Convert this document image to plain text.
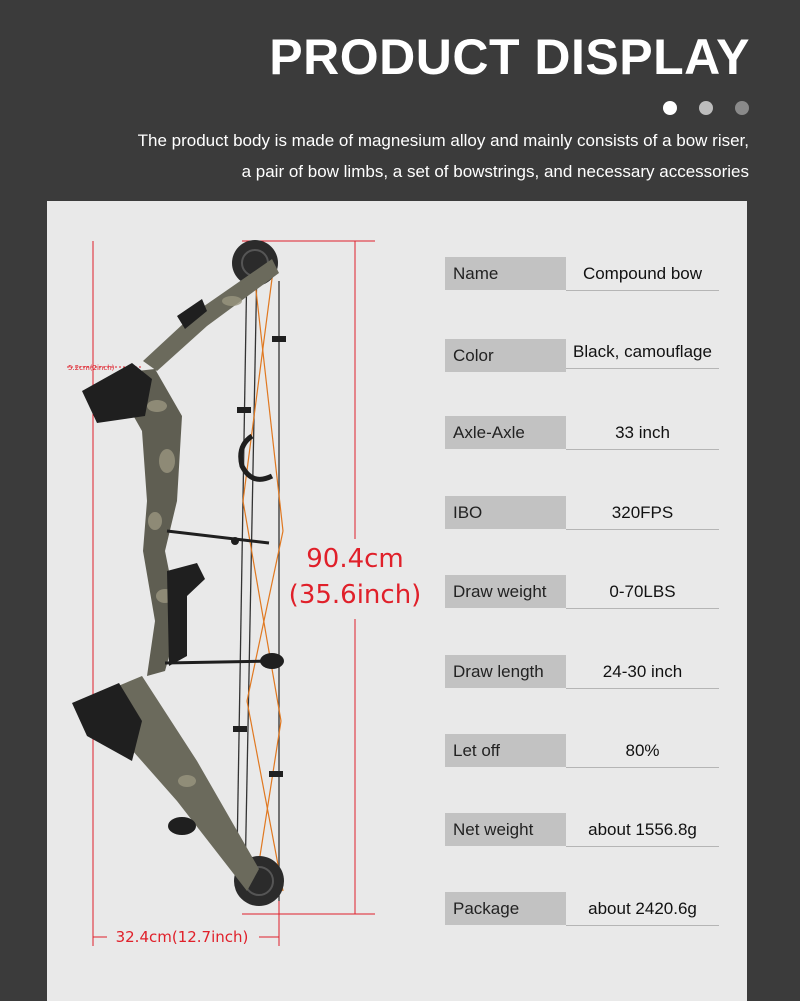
PRODUCT DISPLAY

The product body is made of magnesium alloy and mainly consists of a bow riser,

a pair of bow limbs, a set of bowstrings, and necessary accessories

5.2cm(2inch)
90.4cm
(35.6inch)
32.4cm(12.7inch)
Name	Compound bow
Color	Black, camouflage
Axle-Axle	33 inch
IBO	320FPS
Draw weight	0-70LBS
Draw length	24-30 inch
Let off	80%
Net weight	about 1556.8g
Package	about 2420.6g
